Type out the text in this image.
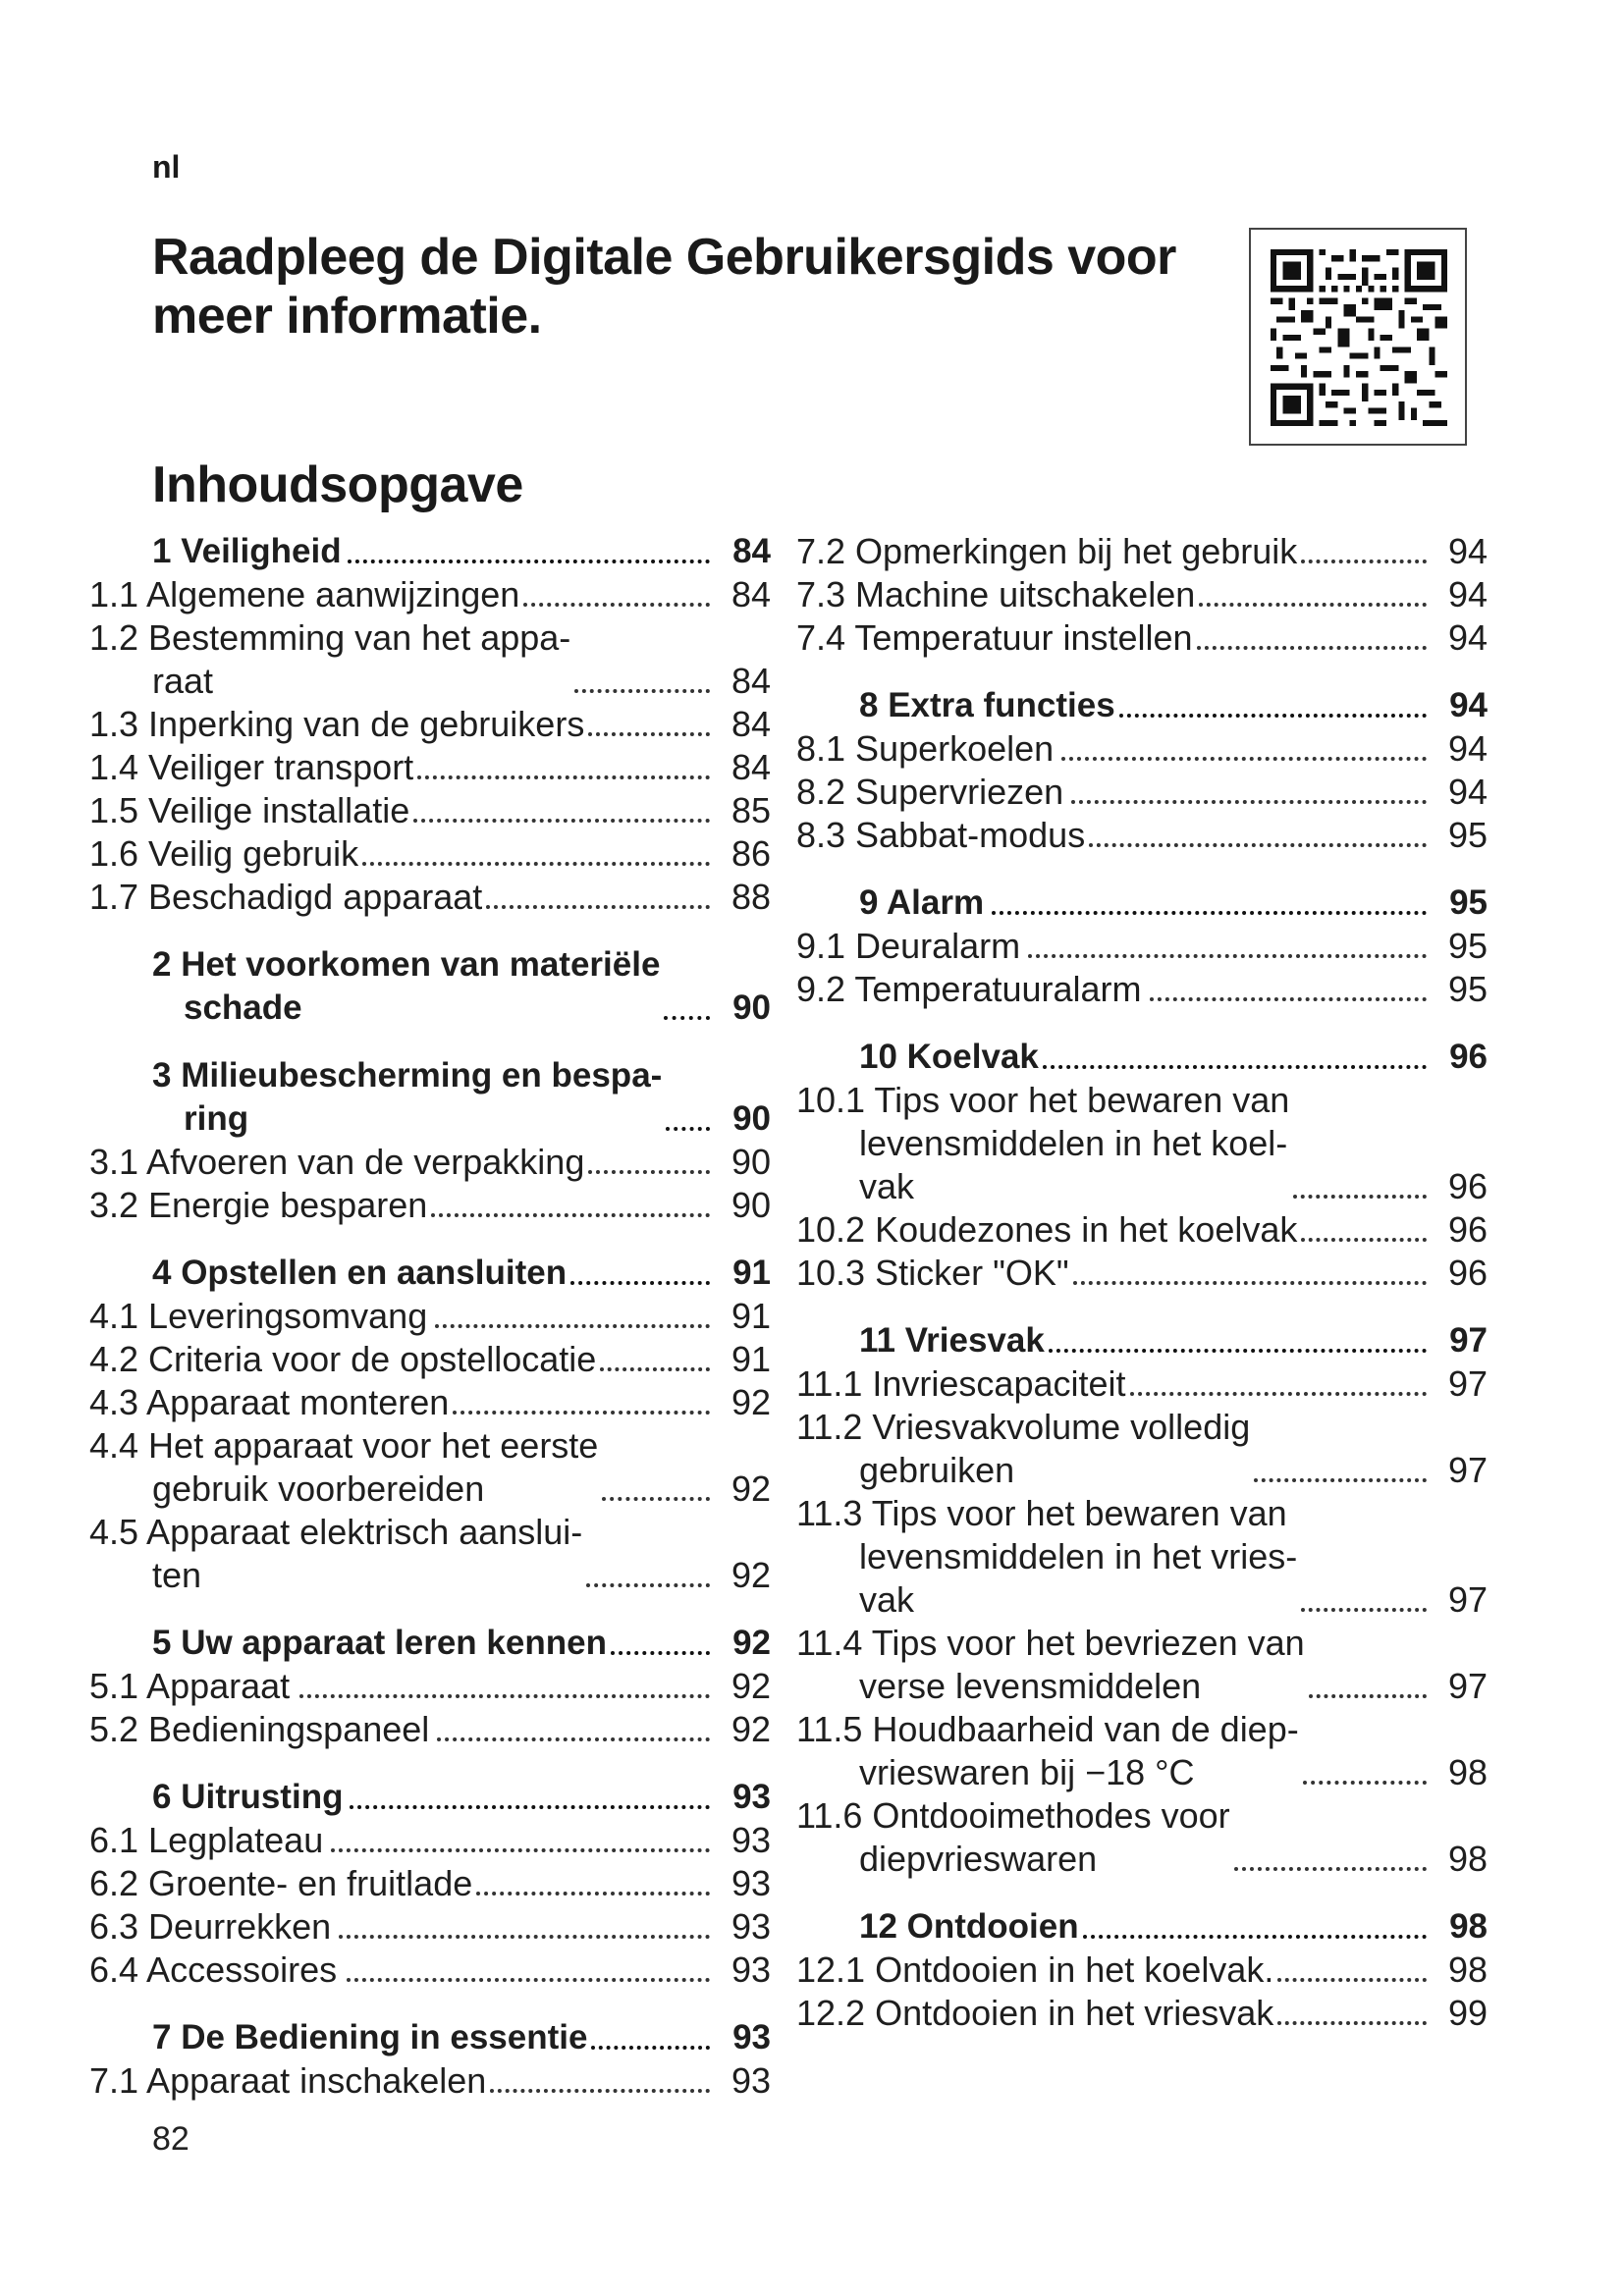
nl
Raadpleeg de Digitale Gebruikersgids voor meer informatie.
Inhoudsopgave
1 Veiligheid	84
1.1 Algemene aanwijzingen	84
1.2 Bestemming van het appa-
raat	84
1.3 Inperking van de gebruikers	84
1.4 Veiliger transport	84
1.5 Veilige installatie	85
1.6 Veilig gebruik	86
1.7 Beschadigd apparaat	88
2 Het voorkomen van materiële
schade	90
3 Milieubescherming en bespa-
ring	90
3.1 Afvoeren van de verpakking	90
3.2 Energie besparen	90
4 Opstellen en aansluiten	91
4.1 Leveringsomvang	91
4.2 Criteria voor de opstellocatie	91
4.3 Apparaat monteren	92
4.4 Het apparaat voor het eerste
gebruik voorbereiden	92
4.5 Apparaat elektrisch aanslui-
ten	92
5 Uw apparaat leren kennen	92
5.1 Apparaat	92
5.2 Bedieningspaneel	92
6 Uitrusting	93
6.1 Legplateau	93
6.2 Groente- en fruitlade	93
6.3 Deurrekken	93
6.4 Accessoires	93
7 De Bediening in essentie	93
7.1 Apparaat inschakelen	93
7.2 Opmerkingen bij het gebruik	94
7.3 Machine uitschakelen	94
7.4 Temperatuur instellen	94
8 Extra functies	94
8.1 Superkoelen	94
8.2 Supervriezen	94
8.3 Sabbat-modus	95
9 Alarm	95
9.1 Deuralarm	95
9.2 Temperatuuralarm	95
10 Koelvak	96
10.1 Tips voor het bewaren van
levensmiddelen in het koel-
vak	96
10.2 Koudezones in het koelvak	96
10.3 Sticker "OK"	96
11 Vriesvak	97
11.1 Invriescapaciteit	97
11.2 Vriesvakvolume volledig
gebruiken	97
11.3 Tips voor het bewaren van
levensmiddelen in het vries-
vak	97
11.4 Tips voor het bevriezen van
verse levensmiddelen	97
11.5 Houdbaarheid van de diep-
vrieswaren bij −18 °C	98
11.6 Ontdooimethodes voor
diepvrieswaren	98
12 Ontdooien	98
12.1 Ontdooien in het koelvak.	98
12.2 Ontdooien in het vriesvak	99
82
